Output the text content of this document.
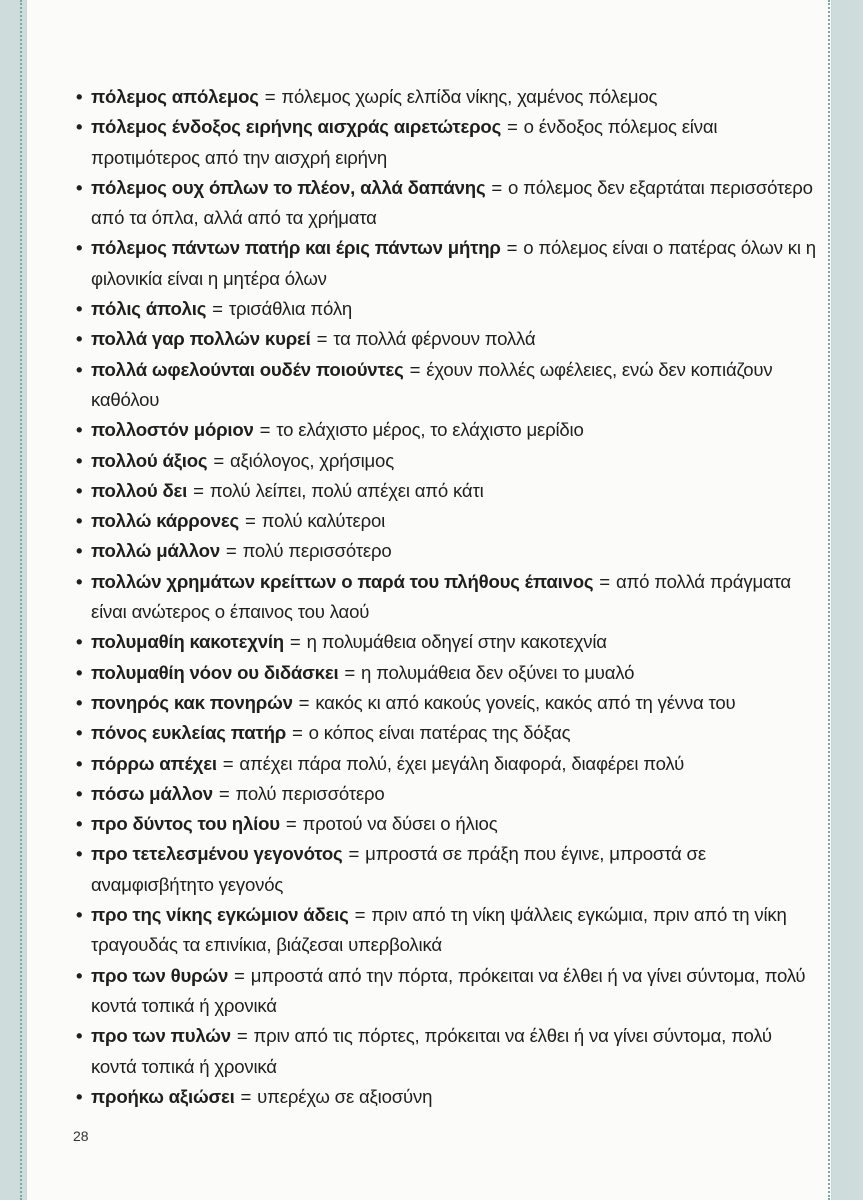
• πόλεμος απόλεμος = πόλεμος χωρίς ελπίδα νίκης, χαμένος πόλεμος
• πόλεμος ένδοξος ειρήνης αισχράς αιρετώτερος = ο ένδοξος πόλεμος είναι προτιμότερος από την αισχρή ειρήνη
• πόλεμος ουχ όπλων το πλέον, αλλά δαπάνης = ο πόλεμος δεν εξαρτάται περισσότερο από τα όπλα, αλλά από τα χρήματα
• πόλεμος πάντων πατήρ και έρις πάντων μήτηρ = ο πόλεμος είναι ο πατέρας όλων κι η φιλονικία είναι η μητέρα όλων
• πόλις άπολις = τρισάθλια πόλη
• πολλά γαρ πολλών κυρεί = τα πολλά φέρνουν πολλά
• πολλά ωφελούνται ουδέν ποιούντες = έχουν πολλές ωφέλειες, ενώ δεν κοπιάζουν καθόλου
• πολλοστόν μόριον = το ελάχιστο μέρος, το ελάχιστο μερίδιο
• πολλού άξιος = αξιόλογος, χρήσιμος
• πολλού δει = πολύ λείπει, πολύ απέχει από κάτι
• πολλώ κάρρονες = πολύ καλύτεροι
• πολλώ μάλλον = πολύ περισσότερο
• πολλών χρημάτων κρείττων ο παρά του πλήθους έπαινος = από πολλά πράγματα είναι ανώτερος ο έπαινος του λαού
• πολυμαθίη κακοτεχνίη = η πολυμάθεια οδηγεί στην κακοτεχνία
• πολυμαθίη νόον ου διδάσκει = η πολυμάθεια δεν οξύνει το μυαλό
• πονηρός κακ πονηρών = κακός κι από κακούς γονείς, κακός από τη γέννα του
• πόνος ευκλείας πατήρ = ο κόπος είναι πατέρας της δόξας
• πόρρω απέχει = απέχει πάρα πολύ, έχει μεγάλη διαφορά, διαφέρει πολύ
• πόσω μάλλον = πολύ περισσότερο
• προ δύντος του ηλίου = προτού να δύσει ο ήλιος
• προ τετελεσμένου γεγονότος = μπροστά σε πράξη που έγινε, μπροστά σε αναμφισβήτητο γεγονός
• προ της νίκης εγκώμιον άδεις = πριν από τη νίκη ψάλλεις εγκώμια, πριν από τη νίκη τραγουδάς τα επινίκια, βιάζεσαι υπερβολικά
• προ των θυρών = μπροστά από την πόρτα, πρόκειται να έλθει ή να γίνει σύντομα, πολύ κοντά τοπικά ή χρονικά
• προ των πυλών = πριν από τις πόρτες, πρόκειται να έλθει ή να γίνει σύντομα, πολύ κοντά τοπικά ή χρονικά
• προήκω αξιώσει = υπερέχω σε αξιοσύνη
28
